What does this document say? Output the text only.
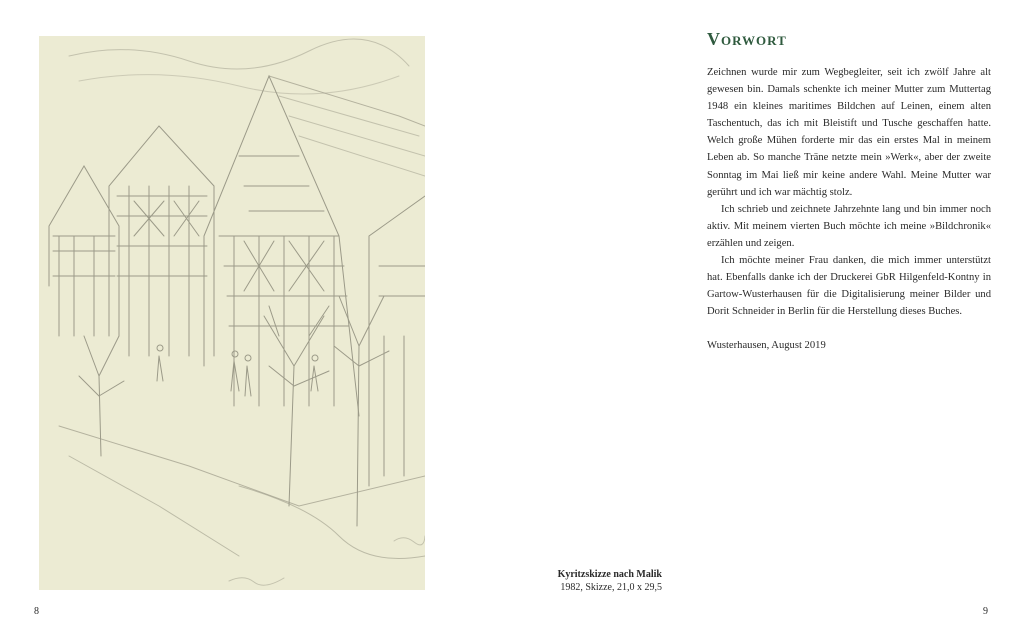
Kyritzskizze nach Malik
1982, Skizze, 21,0 x 29,5
8
Vorwort

Zeichnen wurde mir zum Wegbegleiter, seit ich zwölf Jahre alt gewesen bin. Damals schenkte ich meiner Mutter zum Muttertag 1948 ein kleines maritimes Bildchen auf Leinen, einem alten Taschentuch, das ich mit Bleistift und Tusche geschaffen hatte. Welch große Mühen forderte mir das ein erstes Mal in meinem Leben ab. So manche Träne netzte mein »Werk«, aber der zweite Sonntag im Mai ließ mir keine andere Wahl. Meine Mutter war gerührt und ich war mächtig stolz.

Ich schrieb und zeichnete Jahrzehnte lang und bin immer noch aktiv. Mit meinem vierten Buch möchte ich meine »Bildchronik« erzählen und zeigen.

Ich möchte meiner Frau danken, die mich immer unterstützt hat. Ebenfalls danke ich der Druckerei GbR Hilgenfeld-Kontny in Gartow-Wusterhausen für die Digitalisierung meiner Bilder und Dorit Schneider in Berlin für die Herstellung dieses Buches.

Wusterhausen, August 2019

9
